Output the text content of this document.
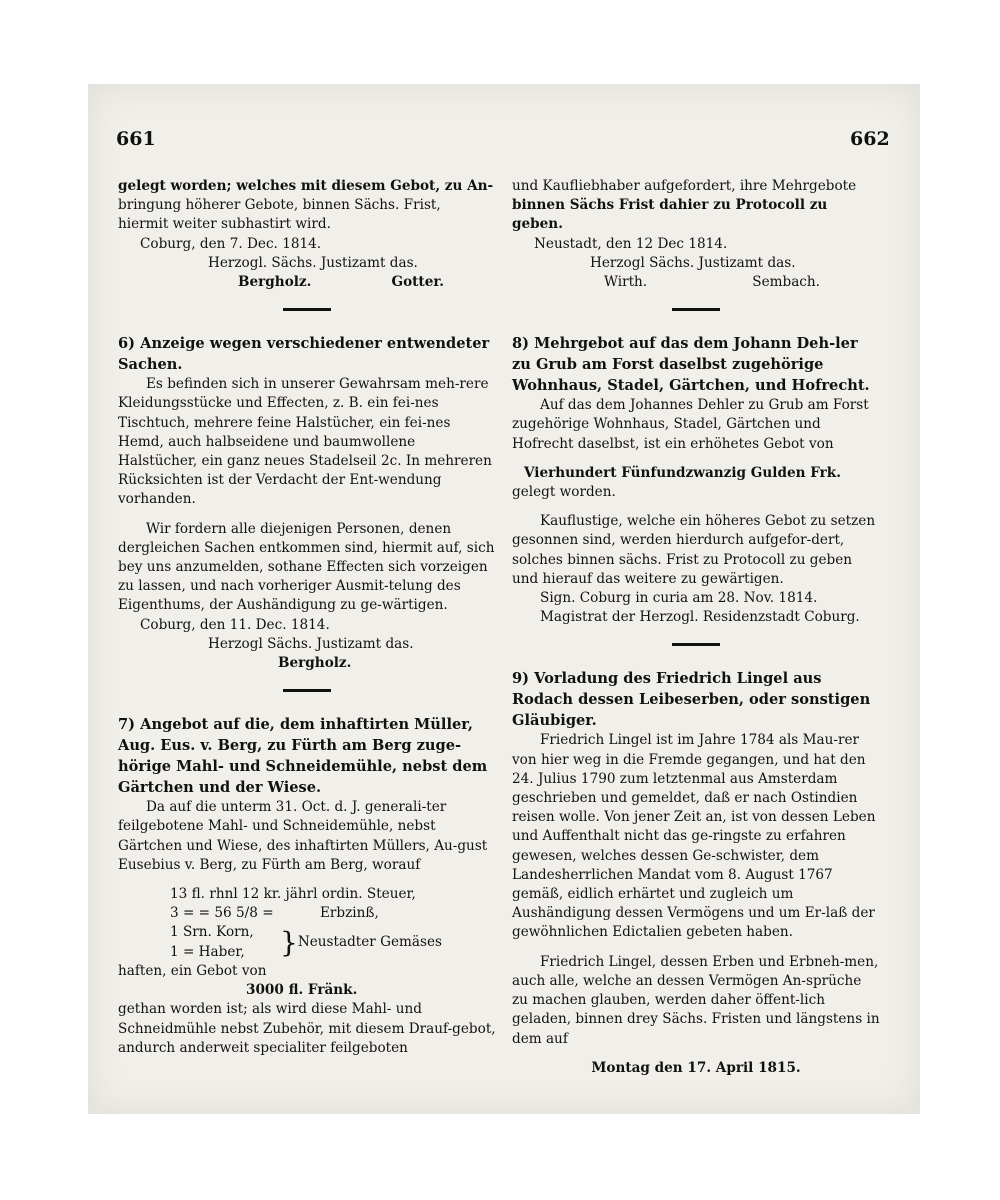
661	662

gelegt worden; welches mit diesem Gebot, zu An-

bringung höherer Gebote, binnen Sächs. Frist,

hiermit weiter subhastirt wird.

Coburg, den 7. Dec. 1814.

Herzogl. Sächs. Justizamt das.

Bergholz.	Gotter.

6) Anzeige wegen verschiedener entwendeter Sachen.

Es befinden sich in unserer Gewahrsam meh-rere Kleidungsstücke und Effecten, z. B. ein fei-nes Tischtuch, mehrere feine Halstücher, ein fei-nes Hemd, auch halbseidene und baumwollene Halstücher, ein ganz neues Stadelseil 2c. In mehreren Rücksichten ist der Verdacht der Ent-wendung vorhanden.

Wir fordern alle diejenigen Personen, denen dergleichen Sachen entkommen sind, hiermit auf, sich bey uns anzumelden, sothane Effecten sich vorzeigen zu lassen, und nach vorheriger Ausmit-telung des Eigenthums, der Aushändigung zu ge-wärtigen.

Coburg, den 11. Dec. 1814.

Herzogl Sächs. Justizamt das.

Bergholz.

7) Angebot auf die, dem inhaftirten Müller, Aug. Eus. v. Berg, zu Fürth am Berg zuge-hörige Mahl- und Schneidemühle, nebst dem Gärtchen und der Wiese.

Da auf die unterm 31. Oct. d. J. generali-ter feilgebotene Mahl- und Schneidemühle, nebst Gärtchen und Wiese, des inhaftirten Müllers, Au-gust Eusebius v. Berg, zu Fürth am Berg, worauf

13 fl. rhnl 12 kr. jährl ordin. Steuer,

3 = = 56 5/8 =	Erbzinß,

1 Srn. Korn,

1 = Haber,	} Neustadter Gemäses

haften, ein Gebot von

3000 fl. Fränk.

gethan worden ist; als wird diese Mahl- und Schneidmühle nebst Zubehör, mit diesem Drauf-gebot, andurch anderweit specialiter feilgeboten

und Kaufliebhaber aufgefordert, ihre Mehrgebote

binnen Sächs Frist dahier zu Protocoll zu geben.

Neustadt, den 12 Dec 1814.

Herzogl Sächs. Justizamt das.

Wirth.	Sembach.

8) Mehrgebot auf das dem Johann Deh-ler zu Grub am Forst daselbst zugehörige Wohnhaus, Stadel, Gärtchen, und Hofrecht.

Auf das dem Johannes Dehler zu Grub am Forst zugehörige Wohnhaus, Stadel, Gärtchen und Hofrecht daselbst, ist ein erhöhetes Gebot von

Vierhundert Fünfundzwanzig Gulden Frk.

gelegt worden.

Kauflustige, welche ein höheres Gebot zu setzen gesonnen sind, werden hierdurch aufgefor-dert, solches binnen sächs. Frist zu Protocoll zu geben und hierauf das weitere zu gewärtigen.

Sign. Coburg in curia am 28. Nov. 1814.

Magistrat der Herzogl. Residenzstadt Coburg.

9) Vorladung des Friedrich Lingel aus Rodach dessen Leibeserben, oder sonstigen Gläubiger.

Friedrich Lingel ist im Jahre 1784 als Mau-rer von hier weg in die Fremde gegangen, und hat den 24. Julius 1790 zum letztenmal aus Amsterdam geschrieben und gemeldet, daß er nach Ostindien reisen wolle. Von jener Zeit an, ist von dessen Leben und Auffenthalt nicht das ge-ringste zu erfahren gewesen, welches dessen Ge-schwister, dem Landesherrlichen Mandat vom 8. August 1767 gemäß, eidlich erhärtet und zugleich um Aushändigung dessen Vermögens und um Er-laß der gewöhnlichen Edictalien gebeten haben.

Friedrich Lingel, dessen Erben und Erbneh-men, auch alle, welche an dessen Vermögen An-sprüche zu machen glauben, werden daher öffent-lich geladen, binnen drey Sächs. Fristen und längstens in dem auf

Montag den 17. April 1815.
